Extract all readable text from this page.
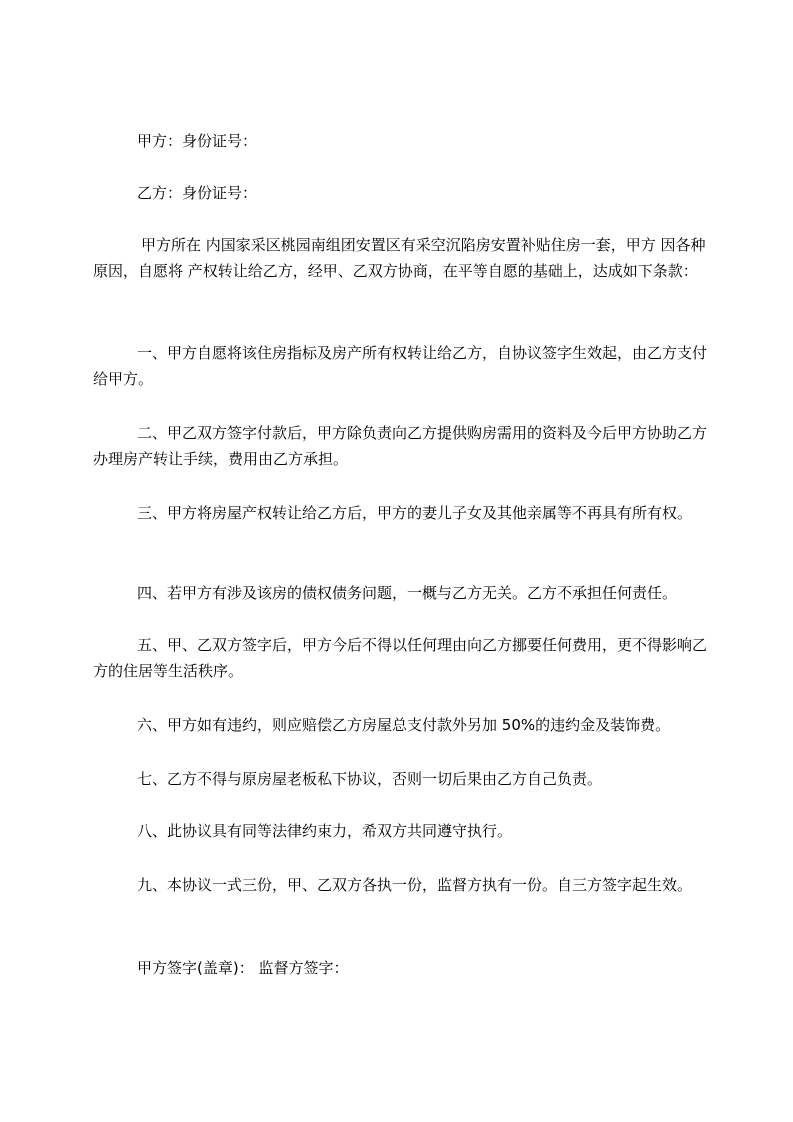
甲方：身份证号：
乙方：身份证号：
甲方所在 内国家采区桃园南组团安置区有采空沉陷房安置补贴住房一套，甲方 因各种原因，自愿将 产权转让给乙方，经甲、乙双方协商，在平等自愿的基础上，达成如下条款：
一、甲方自愿将该住房指标及房产所有权转让给乙方，自协议签字生效起，由乙方支付 给甲方。
二、甲乙双方签字付款后，甲方除负责向乙方提供购房需用的资料及今后甲方协助乙方办理房产转让手续，费用由乙方承担。
三、甲方将房屋产权转让给乙方后，甲方的妻儿子女及其他亲属等不再具有所有权。
四、若甲方有涉及该房的债权债务问题，一概与乙方无关。乙方不承担任何责任。
五、甲、乙双方签字后，甲方今后不得以任何理由向乙方挪要任何费用，更不得影响乙方的住居等生活秩序。
六、甲方如有违约，则应赔偿乙方房屋总支付款外另加 50%的违约金及装饰费。
七、乙方不得与原房屋老板私下协议，否则一切后果由乙方自己负责。
八、此协议具有同等法律约束力，希双方共同遵守执行。
九、本协议一式三份，甲、乙双方各执一份，监督方执有一份。自三方签字起生效。
甲方签字(盖章)： 监督方签字：
